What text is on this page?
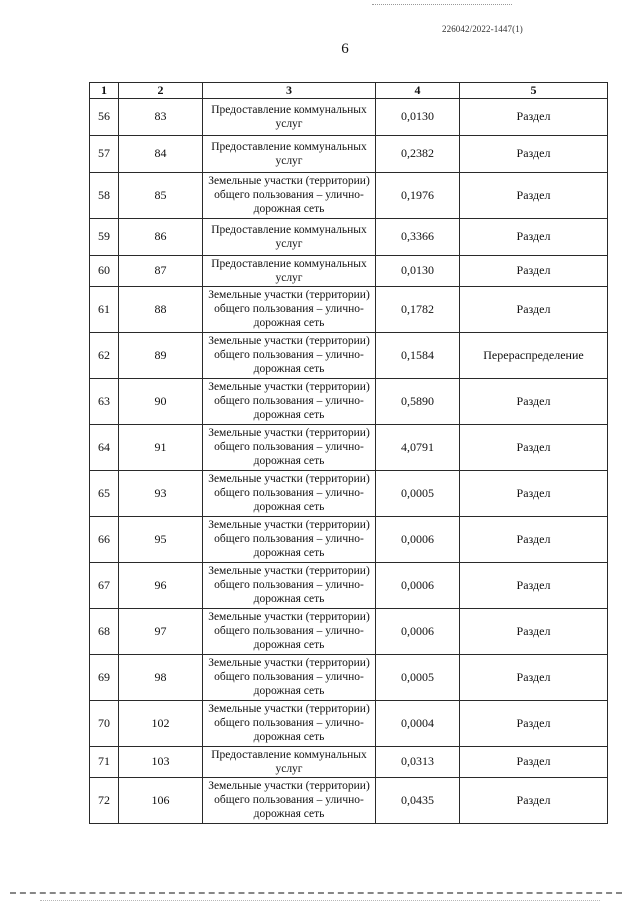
226042/2022-1447(1)
6
1	2	3	4	5
56	83	Предоставление коммунальных услуг	0,0130	Раздел
57	84	Предоставление коммунальных услуг	0,2382	Раздел
58	85	Земельные участки (территории) общего пользования – улично-дорожная сеть	0,1976	Раздел
59	86	Предоставление коммунальных услуг	0,3366	Раздел
60	87	Предоставление коммунальных услуг	0,0130	Раздел
61	88	Земельные участки (территории) общего пользования – улично-дорожная сеть	0,1782	Раздел
62	89	Земельные участки (территории) общего пользования – улично-дорожная сеть	0,1584	Перераспределение
63	90	Земельные участки (территории) общего пользования – улично-дорожная сеть	0,5890	Раздел
64	91	Земельные участки (территории) общего пользования – улично-дорожная сеть	4,0791	Раздел
65	93	Земельные участки (территории) общего пользования – улично-дорожная сеть	0,0005	Раздел
66	95	Земельные участки (территории) общего пользования – улично-дорожная сеть	0,0006	Раздел
67	96	Земельные участки (территории) общего пользования – улично-дорожная сеть	0,0006	Раздел
68	97	Земельные участки (территории) общего пользования – улично-дорожная сеть	0,0006	Раздел
69	98	Земельные участки (территории) общего пользования – улично-дорожная сеть	0,0005	Раздел
70	102	Земельные участки (территории) общего пользования – улично-дорожная сеть	0,0004	Раздел
71	103	Предоставление коммунальных услуг	0,0313	Раздел
72	106	Земельные участки (территории) общего пользования – улично-дорожная сеть	0,0435	Раздел
